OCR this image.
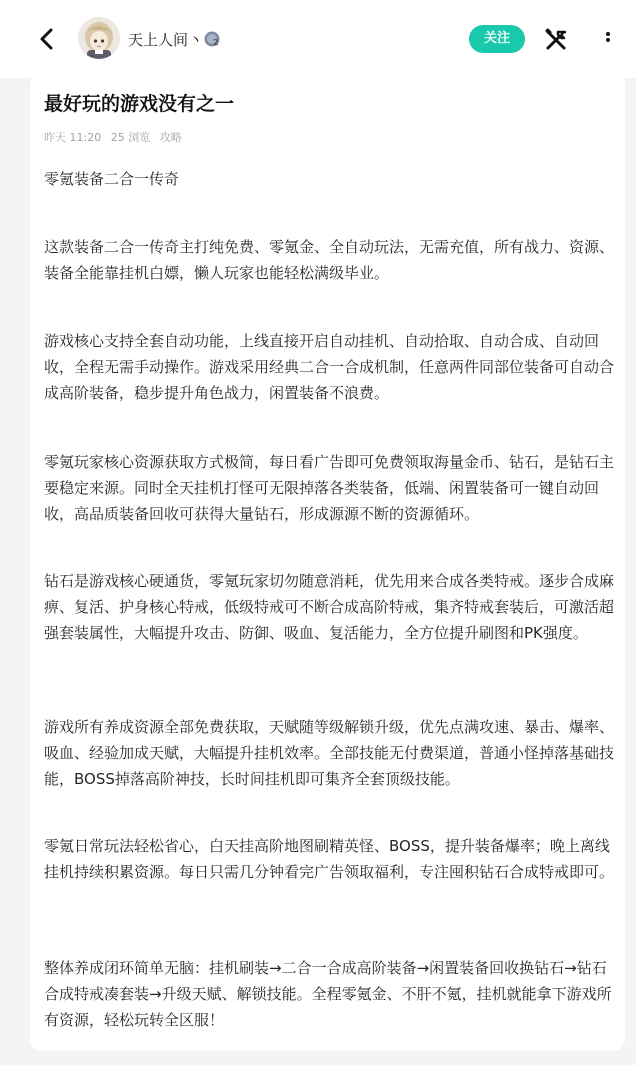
天上人间丶 2	关注
最好玩的游戏没有之一
昨天 11:20 25 浏览 攻略

零氪装备二合一传奇

这款装备二合一传奇主打纯免费、零氪金、全自动玩法，无需充值，所有战力、资源、装备全能靠挂机白嫖，懒人玩家也能轻松满级毕业。

游戏核心支持全套自动功能，上线直接开启自动挂机、自动拾取、自动合成、自动回收，全程无需手动操作。游戏采用经典二合一合成机制，任意两件同部位装备可自动合成高阶装备，稳步提升角色战力，闲置装备不浪费。

零氪玩家核心资源获取方式极简，每日看广告即可免费领取海量金币、钻石，是钻石主要稳定来源。同时全天挂机打怪可无限掉落各类装备，低端、闲置装备可一键自动回收，高品质装备回收可获得大量钻石，形成源源不断的资源循环。

钻石是游戏核心硬通货，零氪玩家切勿随意消耗，优先用来合成各类特戒。逐步合成麻痹、复活、护身核心特戒，低级特戒可不断合成高阶特戒，集齐特戒套装后，可激活超强套装属性，大幅提升攻击、防御、吸血、复活能力，全方位提升刷图和PK强度。

游戏所有养成资源全部免费获取，天赋随等级解锁升级，优先点满攻速、暴击、爆率、吸血、经验加成天赋，大幅提升挂机效率。全部技能无付费渠道，普通小怪掉落基础技能，BOSS掉落高阶神技，长时间挂机即可集齐全套顶级技能。

零氪日常玩法轻松省心，白天挂高阶地图刷精英怪、BOSS，提升装备爆率；晚上离线挂机持续积累资源。每日只需几分钟看完广告领取福利，专注囤积钻石合成特戒即可。

整体养成闭环简单无脑：挂机刷装→二合一合成高阶装备→闲置装备回收换钻石→钻石合成特戒凑套装→升级天赋、解锁技能。全程零氪金、不肝不氪，挂机就能拿下游戏所有资源，轻松玩转全区服！
